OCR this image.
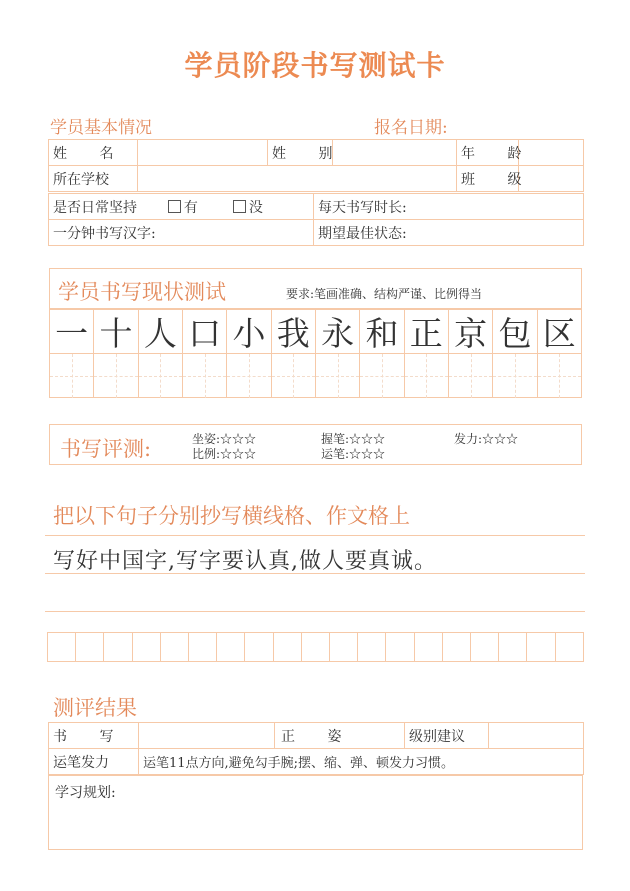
学员阶段书写测试卡
学员基本情况	报名日期:
姓 名		姓 别		年 龄	
所在学校				班 级	
是否日常坚持 有 没	每天书写时长:
一分钟书写汉字:	期望最佳状态:
学员书写现状测试	要求:笔画准确、结构严谨、比例得当
一 十 人 口 小 我 永 和 正 京 包 区
书写评测:	坐姿:☆☆☆	握笔:☆☆☆	发力:☆☆☆
比例:☆☆☆	运笔:☆☆☆
把以下句子分别抄写横线格、作文格上
写好中国字,写字要认真,做人要真诚。
测评结果
书 写		正 姿	级别建议	
运笔发力	运笔11点方向,避免勾手腕;摆、缩、弹、顿发力习惯。			
学习规划:
